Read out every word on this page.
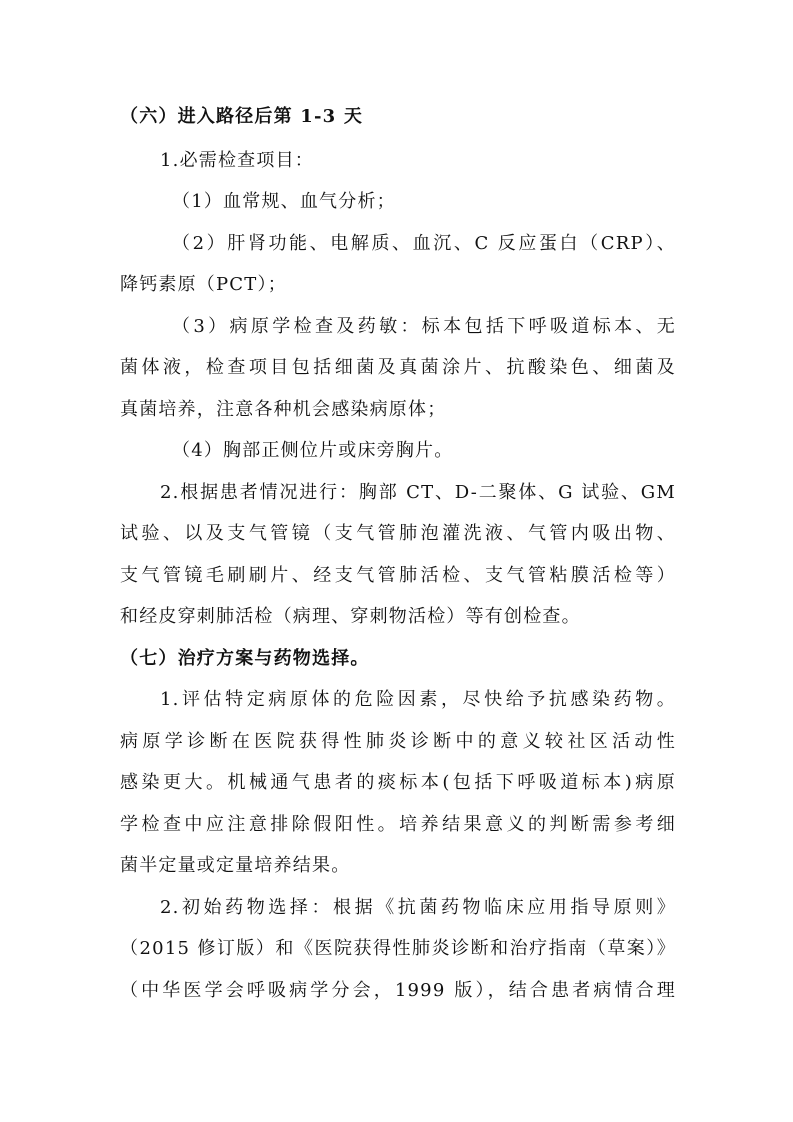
（六）进入路径后第 1-3 天
1.必需检查项目：
（1）血常规、血气分析；
（2）肝肾功能、电解质、血沉、C 反应蛋白（CRP）、
降钙素原（PCT）；
（3）病原学检查及药敏：标本包括下呼吸道标本、无
菌体液，检查项目包括细菌及真菌涂片、抗酸染色、细菌及
真菌培养，注意各种机会感染病原体；
（4）胸部正侧位片或床旁胸片。
2.根据患者情况进行：胸部 CT、D-二聚体、G 试验、GM
试验、以及支气管镜（支气管肺泡灌洗液、气管内吸出物、
支气管镜毛刷刷片、经支气管肺活检、支气管粘膜活检等）
和经皮穿刺肺活检（病理、穿刺物活检）等有创检查。
（七）治疗方案与药物选择。
1.评估特定病原体的危险因素，尽快给予抗感染药物。
病原学诊断在医院获得性肺炎诊断中的意义较社区活动性
感染更大。机械通气患者的痰标本(包括下呼吸道标本)病原
学检查中应注意排除假阳性。培养结果意义的判断需参考细
菌半定量或定量培养结果。
2.初始药物选择：根据《抗菌药物临床应用指导原则》
（2015 修订版）和《医院获得性肺炎诊断和治疗指南（草案）》
（中华医学会呼吸病学分会，1999 版），结合患者病情合理
